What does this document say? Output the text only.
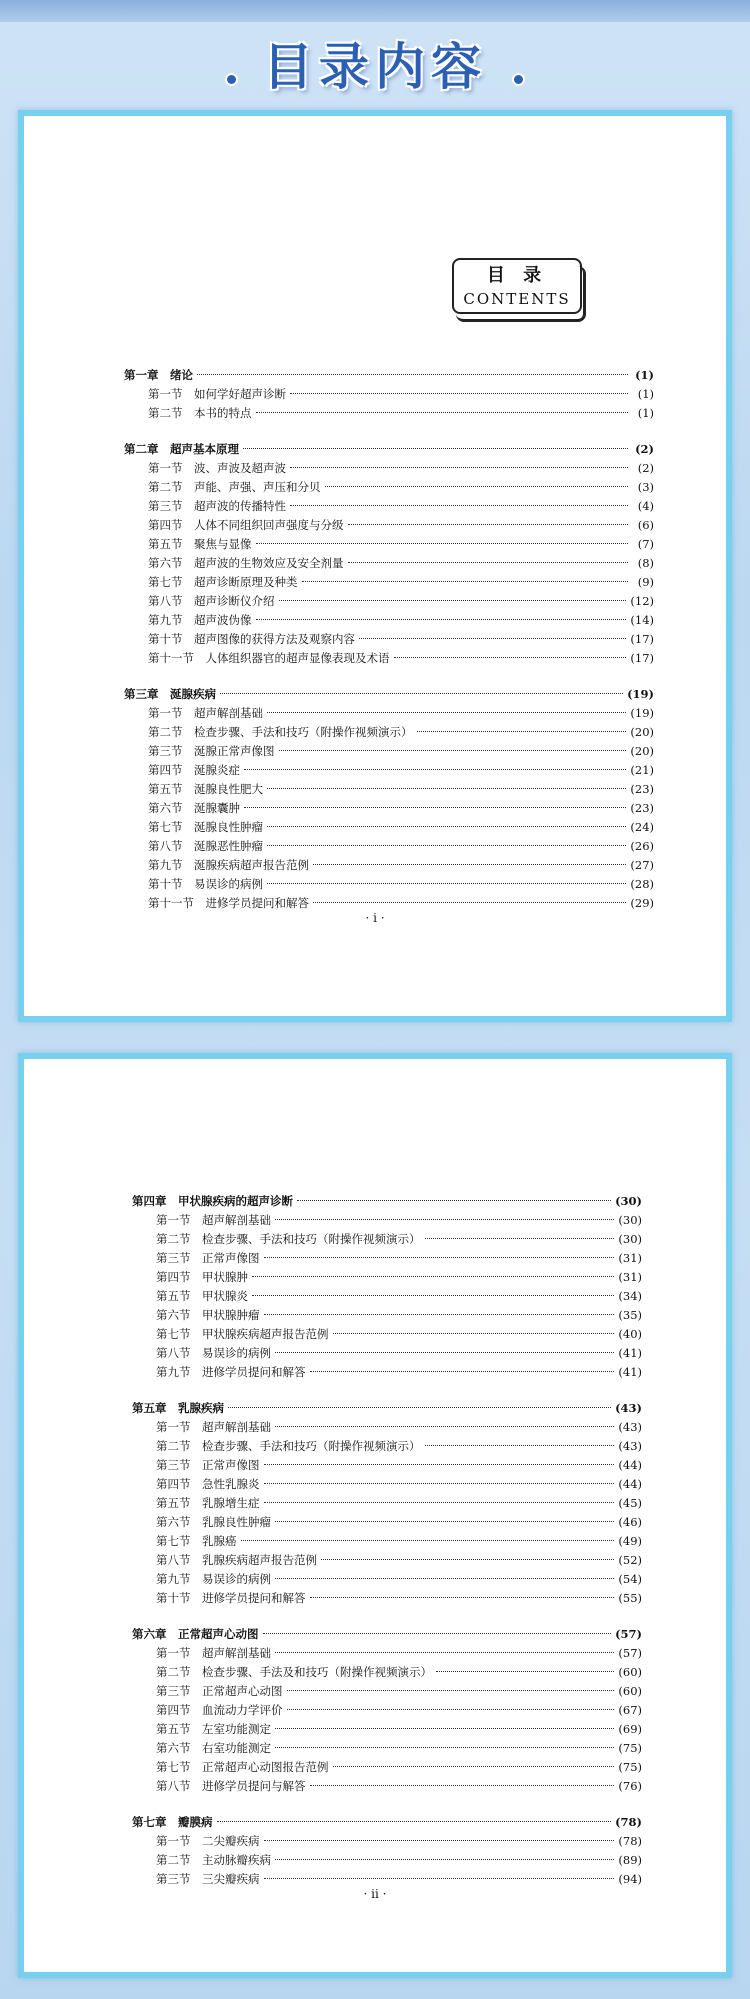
目录内容
目 录
CONTENTS
第一章　绪论	(1)
第一节　如何学好超声诊断	(1)
第二节　本书的特点	(1)
第二章　超声基本原理	(2)
第一节　波、声波及超声波	(2)
第二节　声能、声强、声压和分贝	(3)
第三节　超声波的传播特性	(4)
第四节　人体不同组织回声强度与分级	(6)
第五节　聚焦与显像	(7)
第六节　超声波的生物效应及安全剂量	(8)
第七节　超声诊断原理及种类	(9)
第八节　超声诊断仪介绍	(12)
第九节　超声波伪像	(14)
第十节　超声图像的获得方法及观察内容	(17)
第十一节　人体组织器官的超声显像表现及术语	(17)
第三章　涎腺疾病	(19)
第一节　超声解剖基础	(19)
第二节　检查步骤、手法和技巧（附操作视频演示）	(20)
第三节　涎腺正常声像图	(20)
第四节　涎腺炎症	(21)
第五节　涎腺良性肥大	(23)
第六节　涎腺囊肿	(23)
第七节　涎腺良性肿瘤	(24)
第八节　涎腺恶性肿瘤	(26)
第九节　涎腺疾病超声报告范例	(27)
第十节　易误诊的病例	(28)
第十一节　进修学员提问和解答	(29)
· i ·
第四章　甲状腺疾病的超声诊断	(30)
第一节　超声解剖基础	(30)
第二节　检查步骤、手法和技巧（附操作视频演示）	(30)
第三节　正常声像图	(31)
第四节　甲状腺肿	(31)
第五节　甲状腺炎	(34)
第六节　甲状腺肿瘤	(35)
第七节　甲状腺疾病超声报告范例	(40)
第八节　易误诊的病例	(41)
第九节　进修学员提问和解答	(41)
第五章　乳腺疾病	(43)
第一节　超声解剖基础	(43)
第二节　检查步骤、手法和技巧（附操作视频演示）	(43)
第三节　正常声像图	(44)
第四节　急性乳腺炎	(44)
第五节　乳腺增生症	(45)
第六节　乳腺良性肿瘤	(46)
第七节　乳腺癌	(49)
第八节　乳腺疾病超声报告范例	(52)
第九节　易误诊的病例	(54)
第十节　进修学员提问和解答	(55)
第六章　正常超声心动图	(57)
第一节　超声解剖基础	(57)
第二节　检查步骤、手法及和技巧（附操作视频演示）	(60)
第三节　正常超声心动图	(60)
第四节　血流动力学评价	(67)
第五节　左室功能测定	(69)
第六节　右室功能测定	(75)
第七节　正常超声心动图报告范例	(75)
第八节　进修学员提问与解答	(76)
第七章　瓣膜病	(78)
第一节　二尖瓣疾病	(78)
第二节　主动脉瓣疾病	(89)
第三节　三尖瓣疾病	(94)
· ii ·
